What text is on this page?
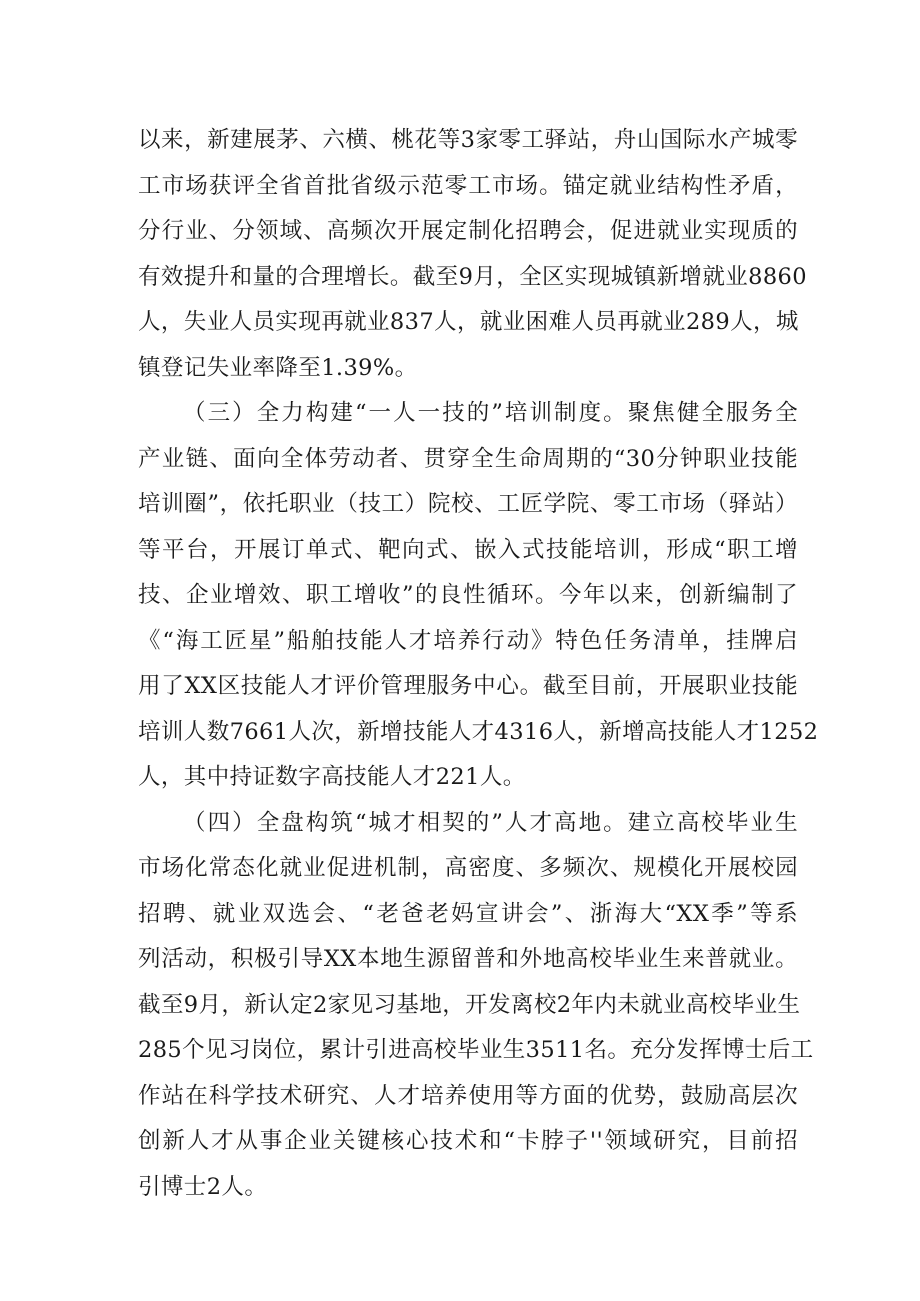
以来，新建展茅、六横、桃花等3家零工驿站，舟山国际水产城零
工市场获评全省首批省级示范零工市场。锚定就业结构性矛盾，
分行业、分领域、高频次开展定制化招聘会，促进就业实现质的
有效提升和量的合理增长。截至9月，全区实现城镇新增就业8860
人，失业人员实现再就业837人，就业困难人员再就业289人，城
镇登记失业率降至1.39%。
（三）全力构建“一人一技的”培训制度。聚焦健全服务全
产业链、面向全体劳动者、贯穿全生命周期的“30分钟职业技能
培训圈”，依托职业（技工）院校、工匠学院、零工市场（驿站）
等平台，开展订单式、靶向式、嵌入式技能培训，形成“职工增
技、企业增效、职工增收”的良性循环。今年以来，创新编制了
《“海工匠星”船舶技能人才培养行动》特色任务清单，挂牌启
用了XX区技能人才评价管理服务中心。截至目前，开展职业技能
培训人数7661人次，新增技能人才4316人，新增高技能人才1252
人，其中持证数字高技能人才221人。
（四）全盘构筑“城才相契的”人才高地。建立高校毕业生
市场化常态化就业促进机制，高密度、多频次、规模化开展校园
招聘、就业双选会、“老爸老妈宣讲会”、浙海大“XX季”等系
列活动，积极引导XX本地生源留普和外地高校毕业生来普就业。
截至9月，新认定2家见习基地，开发离校2年内未就业高校毕业生
285个见习岗位，累计引进高校毕业生3511名。充分发挥博士后工
作站在科学技术研究、人才培养使用等方面的优势，鼓励高层次
创新人才从事企业关键核心技术和“卡脖子''领域研究，目前招
引博士2人。
